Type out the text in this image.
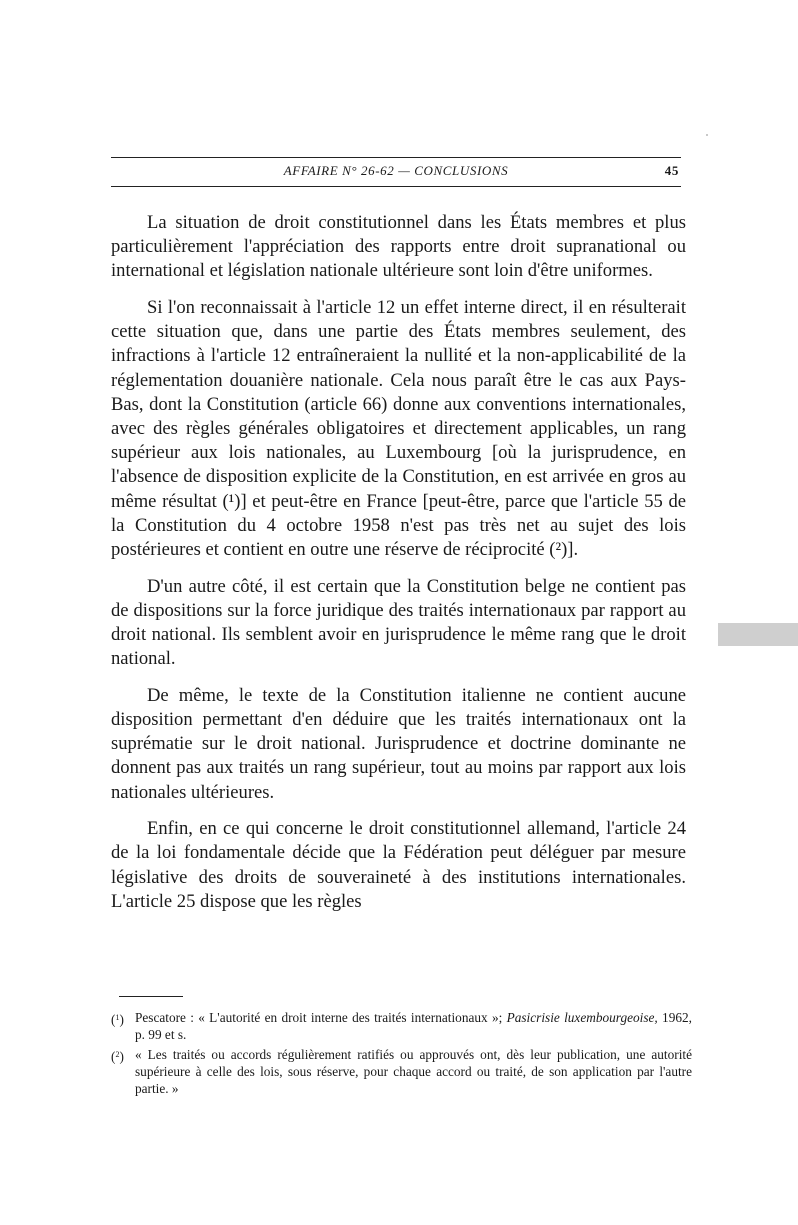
AFFAIRE N° 26-62 — CONCLUSIONS	45

La situation de droit constitutionnel dans les États membres et plus particulièrement l'appréciation des rapports entre droit supranational ou international et législation nationale ultérieure sont loin d'être uniformes.

Si l'on reconnaissait à l'article 12 un effet interne direct, il en résulterait cette situation que, dans une partie des États membres seulement, des infractions à l'article 12 entraîneraient la nullité et la non-applicabilité de la réglementation douanière nationale. Cela nous paraît être le cas aux Pays-Bas, dont la Constitution (article 66) donne aux conventions internationales, avec des règles générales obligatoires et directement applicables, un rang supérieur aux lois nationales, au Luxembourg [où la jurisprudence, en l'absence de disposition explicite de la Constitution, en est arrivée en gros au même résultat (¹)] et peut-être en France [peut-être, parce que l'article 55 de la Constitution du 4 octobre 1958 n'est pas très net au sujet des lois postérieures et contient en outre une réserve de réciprocité (²)].

D'un autre côté, il est certain que la Constitution belge ne contient pas de dispositions sur la force juridique des traités internationaux par rapport au droit national. Ils semblent avoir en jurisprudence le même rang que le droit national.

De même, le texte de la Constitution italienne ne contient aucune disposition permettant d'en déduire que les traités internationaux ont la suprématie sur le droit national. Jurisprudence et doctrine dominante ne donnent pas aux traités un rang supérieur, tout au moins par rapport aux lois nationales ultérieures.

Enfin, en ce qui concerne le droit constitutionnel allemand, l'article 24 de la loi fondamentale décide que la Fédération peut déléguer par mesure législative des droits de souveraineté à des institutions internationales. L'article 25 dispose que les règles

($^1$) Pescatore : « L'autorité en droit interne des traités internationaux »; Pasicrisie luxembourgeoise, 1962, p. 99 et s.
($^2$) « Les traités ou accords régulièrement ratifiés ou approuvés ont, dès leur publication, une autorité supérieure à celle des lois, sous réserve, pour chaque accord ou traité, de son application par l'autre partie. »
